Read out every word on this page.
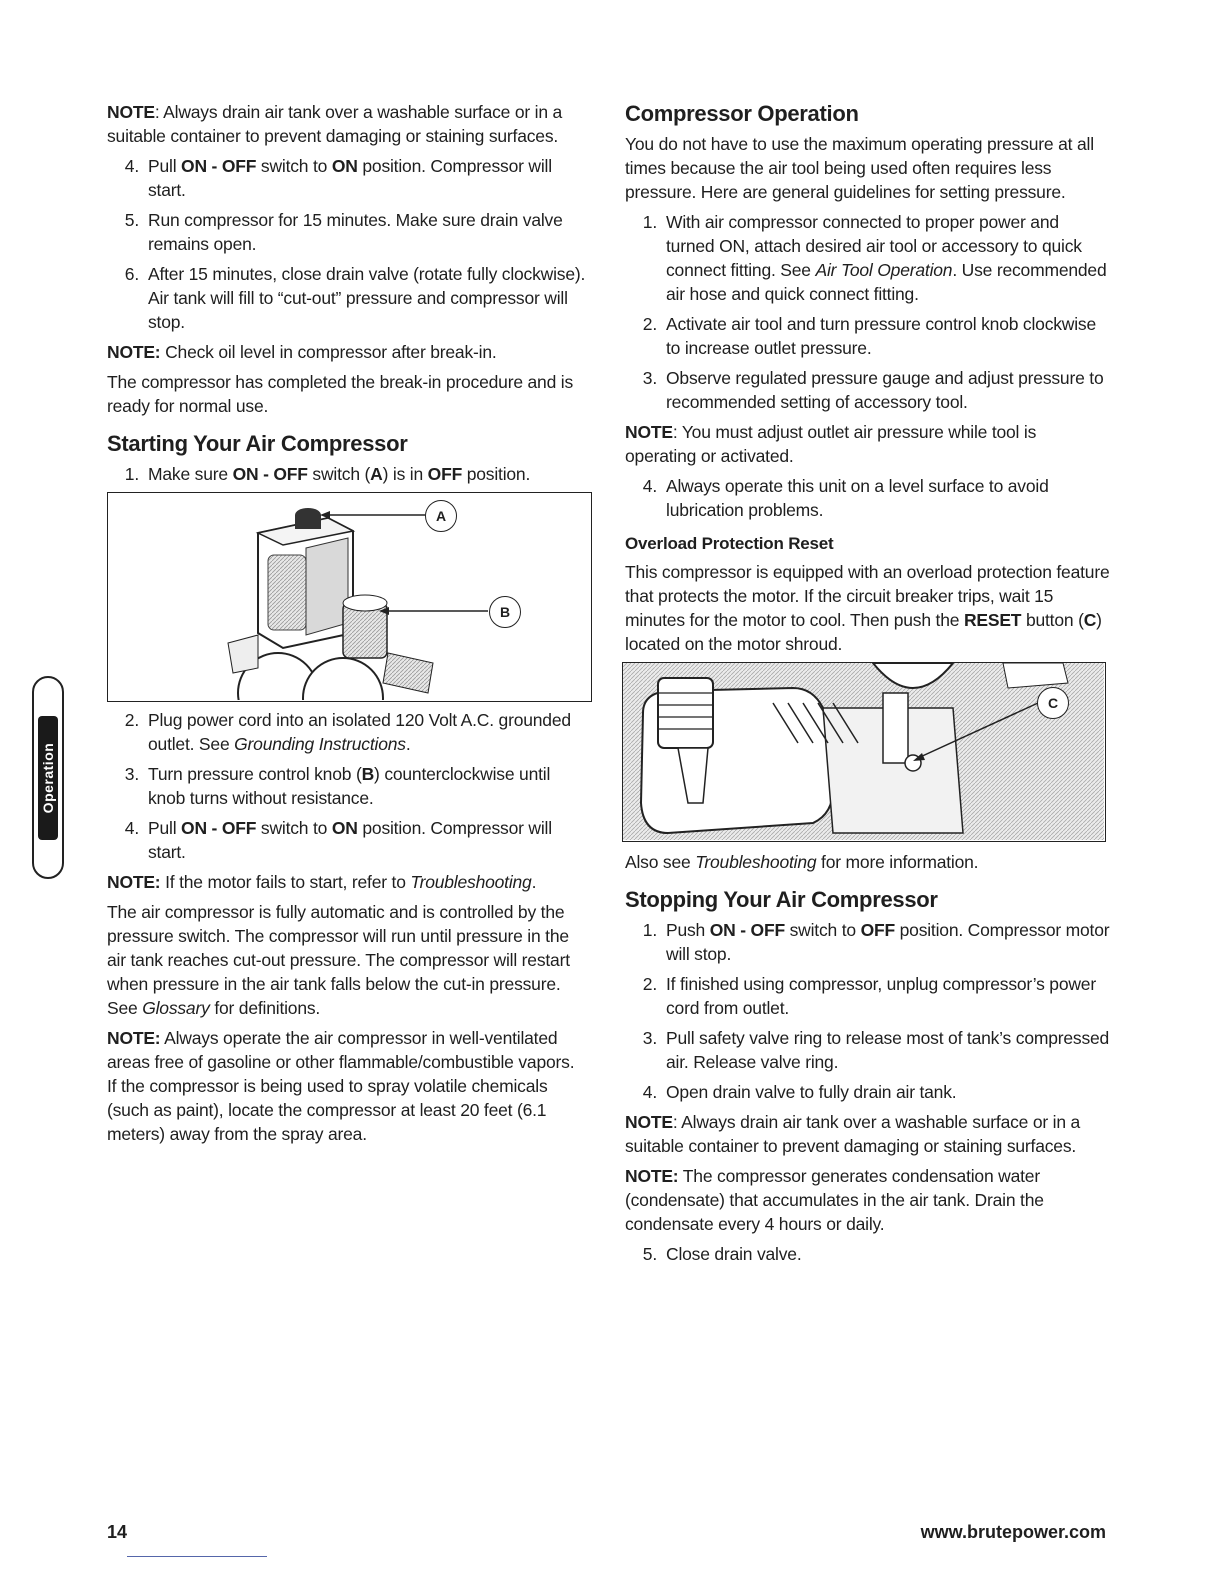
Operation

NOTE: Always drain air tank over a washable surface or in a suitable container to prevent damaging or staining surfaces.

4. Pull ON - OFF switch to ON position. Compressor will start.
5. Run compressor for 15 minutes. Make sure drain valve remains open.
6. After 15 minutes, close drain valve (rotate fully clockwise). Air tank will fill to “cut-out” pressure and compressor will stop.

NOTE: Check oil level in compressor after break-in.

The compressor has completed the break-in procedure and is ready for normal use.

Starting Your Air Compressor
1. Make sure ON - OFF switch (A) is in OFF position.
A
B
2. Plug power cord into an isolated 120 Volt A.C. grounded outlet. See Grounding Instructions.
3. Turn pressure control knob (B) counterclockwise until knob turns without resistance.
4. Pull ON - OFF switch to ON position. Compressor will start.

NOTE: If the motor fails to start, refer to Troubleshooting.

The air compressor is fully automatic and is controlled by the pressure switch. The compressor will run until pressure in the air tank reaches cut-out pressure. The compressor will restart when pressure in the air tank falls below the cut-in pressure. See Glossary for definitions.

NOTE: Always operate the air compressor in well-ventilated areas free of gasoline or other flammable/combustible vapors. If the compressor is being used to spray volatile chemicals (such as paint), locate the compressor at least 20 feet (6.1 meters) away from the spray area.

Compressor Operation

You do not have to use the maximum operating pressure at all times because the air tool being used often requires less pressure. Here are general guidelines for setting pressure.

1. With air compressor connected to proper power and turned ON, attach desired air tool or accessory to quick connect fitting. See Air Tool Operation. Use recommended air hose and quick connect fitting.
2. Activate air tool and turn pressure control knob clockwise to increase outlet pressure.
3. Observe regulated pressure gauge and adjust pressure to recommended setting of accessory tool.

NOTE: You must adjust outlet air pressure while tool is operating or activated.

4. Always operate this unit on a level surface to avoid lubrication problems.
Overload Protection Reset

This compressor is equipped with an overload protection feature that protects the motor. If the circuit breaker trips, wait 15 minutes for the motor to cool. Then push the RESET button (C) located on the motor shroud.

C

Also see Troubleshooting for more information.

Stopping Your Air Compressor
1. Push ON - OFF switch to OFF position. Compressor motor will stop.
2. If finished using compressor, unplug compressor’s power cord from outlet.
3. Pull safety valve ring to release most of tank’s compressed air. Release valve ring.
4. Open drain valve to fully drain air tank.

NOTE: Always drain air tank over a washable surface or in a suitable container to prevent damaging or staining surfaces.

NOTE: The compressor generates condensation water (condensate) that accumulates in the air tank. Drain the condensate every 4 hours or daily.

5. Close drain valve.
14	www.brutepower.com
